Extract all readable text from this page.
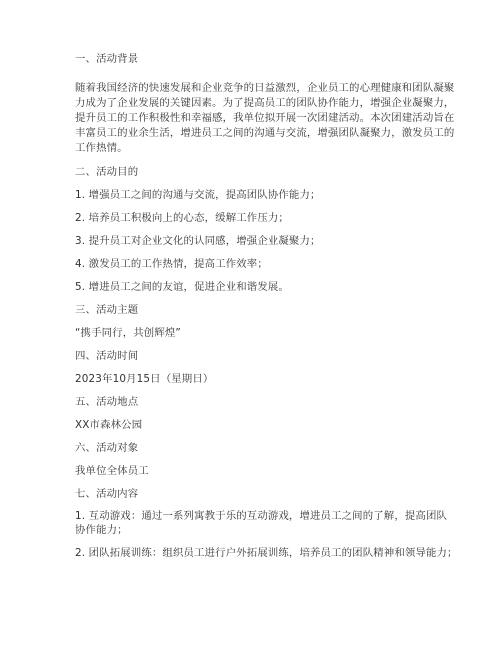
一、活动背景
随着我国经济的快速发展和企业竞争的日益激烈，企业员工的心理健康和团队凝聚
力成为了企业发展的关键因素。为了提高员工的团队协作能力，增强企业凝聚力，
提升员工的工作积极性和幸福感，我单位拟开展一次团建活动。本次团建活动旨在
丰富员工的业余生活，增进员工之间的沟通与交流，增强团队凝聚力，激发员工的
工作热情。
二、活动目的
1. 增强员工之间的沟通与交流，提高团队协作能力；
2. 培养员工积极向上的心态，缓解工作压力；
3. 提升员工对企业文化的认同感，增强企业凝聚力；
4. 激发员工的工作热情，提高工作效率；
5. 增进员工之间的友谊，促进企业和谐发展。
三、活动主题
“携手同行，共创辉煌”
四、活动时间
2023年10月15日（星期日）
五、活动地点
XX市森林公园
六、活动对象
我单位全体员工
七、活动内容
1. 互动游戏：通过一系列寓教于乐的互动游戏，增进员工之间的了解，提高团队
协作能力；
2. 团队拓展训练：组织员工进行户外拓展训练，培养员工的团队精神和领导能力；
